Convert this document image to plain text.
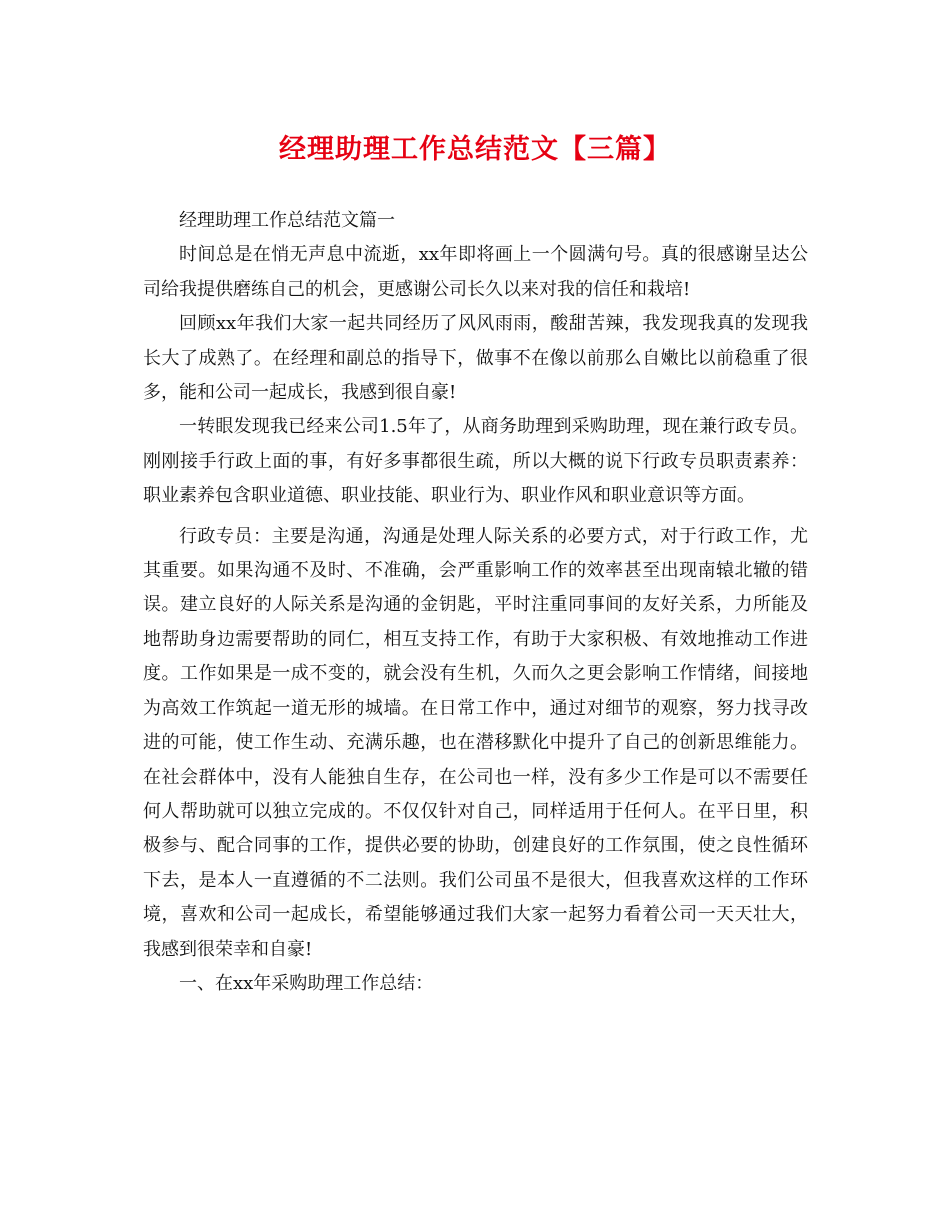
经理助理工作总结范文【三篇】

经理助理工作总结范文篇一

时间总是在悄无声息中流逝，xx年即将画上一个圆满句号。真的很感谢呈达公司给我提供磨练自己的机会，更感谢公司长久以来对我的信任和栽培!

回顾xx年我们大家一起共同经历了风风雨雨，酸甜苦辣，我发现我真的发现我长大了成熟了。在经理和副总的指导下，做事不在像以前那么自嫩比以前稳重了很多，能和公司一起成长，我感到很自豪!

一转眼发现我已经来公司1.5年了，从商务助理到采购助理，现在兼行政专员。刚刚接手行政上面的事，有好多事都很生疏，所以大概的说下行政专员职责素养：职业素养包含职业道德、职业技能、职业行为、职业作风和职业意识等方面。

行政专员：主要是沟通，沟通是处理人际关系的必要方式，对于行政工作，尤其重要。如果沟通不及时、不准确，会严重影响工作的效率甚至出现南辕北辙的错误。建立良好的人际关系是沟通的金钥匙，平时注重同事间的友好关系，力所能及地帮助身边需要帮助的同仁，相互支持工作，有助于大家积极、有效地推动工作进度。工作如果是一成不变的，就会没有生机，久而久之更会影响工作情绪，间接地为高效工作筑起一道无形的城墙。在日常工作中，通过对细节的观察，努力找寻改进的可能，使工作生动、充满乐趣，也在潜移默化中提升了自己的创新思维能力。在社会群体中，没有人能独自生存，在公司也一样，没有多少工作是可以不需要任何人帮助就可以独立完成的。不仅仅针对自己，同样适用于任何人。在平日里，积极参与、配合同事的工作，提供必要的协助，创建良好的工作氛围，使之良性循环下去，是本人一直遵循的不二法则。我们公司虽不是很大，但我喜欢这样的工作环境，喜欢和公司一起成长，希望能够通过我们大家一起努力看着公司一天天壮大，我感到很荣幸和自豪!

一、在xx年采购助理工作总结：
